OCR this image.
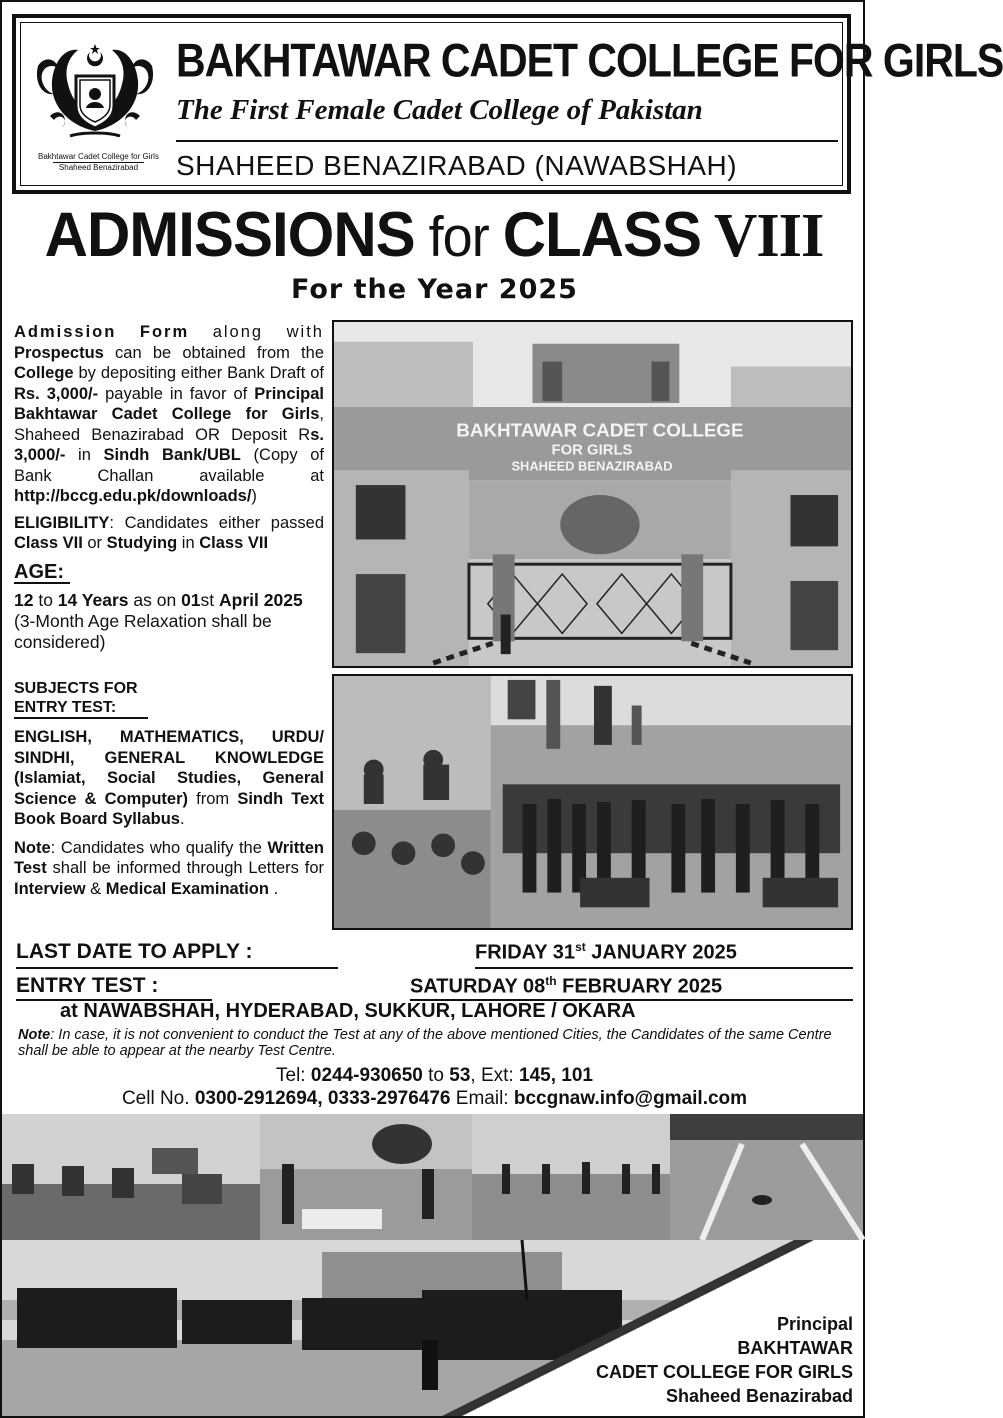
Bakhtawar Cadet College for Girls
Shaheed Benazirabad
BAKHTAWAR CADET COLLEGE FOR GIRLS
The First Female Cadet College of Pakistan
SHAHEED BENAZIRABAD (NAWABSHAH)
ADMISSIONS for CLASS VIII
For the Year 2025

Admission Form along with Prospectus can be obtained from the College by depositing either Bank Draft of Rs. 3,000/- payable in favor of Principal Bakhtawar Cadet College for Girls, Shaheed Benazirabad OR Deposit Rs. 3,000/- in Sindh Bank/UBL (Copy of Bank Challan available at http://bccg.edu.pk/downloads/)

ELIGIBILITY: Candidates either passed Class VII or Studying in Class VII

AGE:

12 to 14 Years as on 01st April 2025 (3-Month Age Relaxation shall be considered)

SUBJECTS FOR
ENTRY TEST:

ENGLISH, MATHEMATICS, URDU/ SINDHI, GENERAL KNOWLEDGE (Islamiat, Social Studies, General Science & Computer) from Sindh Text Book Board Syllabus.

Note: Candidates who qualify the Written Test shall be informed through Letters for Interview & Medical Examination .

BAKHTAWAR CADET COLLEGE
FOR GIRLS
SHAHEED BENAZIRABAD
LAST DATE TO APPLY :	FRIDAY 31st JANUARY 2025
ENTRY TEST :	SATURDAY 08th FEBRUARY 2025
at NAWABSHAH, HYDERABAD, SUKKUR, LAHORE / OKARA
Note: In case, it is not convenient to conduct the Test at any of the above mentioned Cities, the Candidates of the same Centre shall be able to appear at the nearby Test Centre.
Tel: 0244-930650 to 53, Ext: 145, 101
Cell No. 0300-2912694, 0333-2976476 Email: bccgnaw.info@gmail.com
Principal
BAKHTAWAR
CADET COLLEGE FOR GIRLS
Shaheed Benazirabad
